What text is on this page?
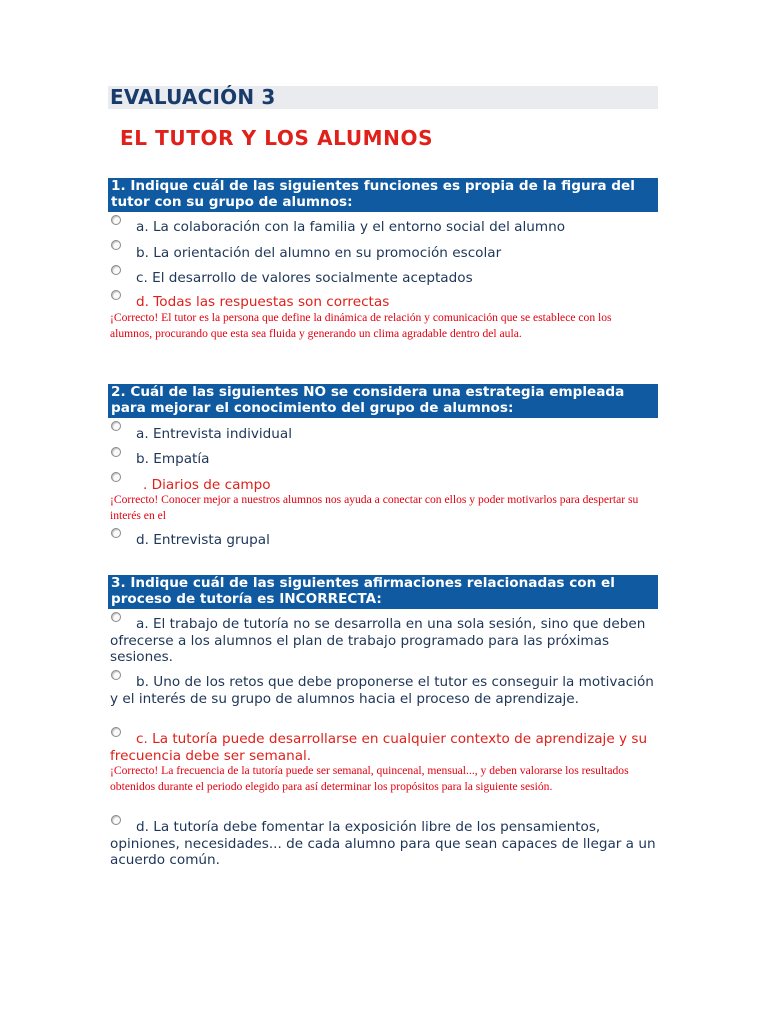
EVALUACIÓN 3
EL TUTOR Y LOS ALUMNOS
1. Indique cuál de las siguientes funciones es propia de la figura del tutor con su grupo de alumnos:
a. La colaboración con la familia y el entorno social del alumno
b. La orientación del alumno en su promoción escolar
c. El desarrollo de valores socialmente aceptados
d. Todas las respuestas son correctas
¡Correcto! El tutor es la persona que define la dinámica de relación y comunicación que se establece con los alumnos, procurando que esta sea fluida y generando un clima agradable dentro del aula.
2. Cuál de las siguientes NO se considera una estrategia empleada para mejorar el conocimiento del grupo de alumnos:
a. Entrevista individual
b. Empatía
. Diarios de campo
¡Correcto! Conocer mejor a nuestros alumnos nos ayuda a conectar con ellos y poder motivarlos para despertar su interés en el
d. Entrevista grupal
3. Indique cuál de las siguientes afirmaciones relacionadas con el proceso de tutoría es INCORRECTA:
a. El trabajo de tutoría no se desarrolla en una sola sesión, sino que deben ofrecerse a los alumnos el plan de trabajo programado para las próximas sesiones.
b. Uno de los retos que debe proponerse el tutor es conseguir la motivación y el interés de su grupo de alumnos hacia el proceso de aprendizaje.
c. La tutoría puede desarrollarse en cualquier contexto de aprendizaje y su frecuencia debe ser semanal.
¡Correcto! La frecuencia de la tutoría puede ser semanal, quincenal, mensual..., y deben valorarse los resultados obtenidos durante el periodo elegido para así determinar los propósitos para la siguiente sesión.
d. La tutoría debe fomentar la exposición libre de los pensamientos, opiniones, necesidades... de cada alumno para que sean capaces de llegar a un acuerdo común.
